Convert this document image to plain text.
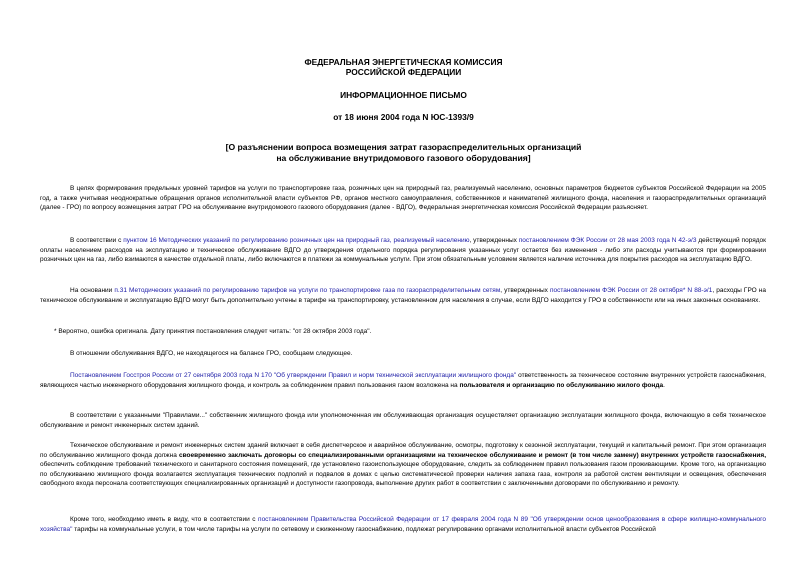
ФЕДЕРАЛЬНАЯ ЭНЕРГЕТИЧЕСКАЯ КОМИССИЯ
РОССИЙСКОЙ ФЕДЕРАЦИИ
ИНФОРМАЦИОННОЕ ПИСЬМО
от 18 июня 2004 года N ЮС-1393/9
[О разъяснении вопроса возмещения затрат газораспределительных организаций
на обслуживание внутридомового газового оборудования]
В целях формирования предельных уровней тарифов на услуги по транспортировке газа, розничных цен на природный газ, реализуемый населению, основных параметров бюджетов субъектов Российской Федерации на 2005 год, а также учитывая неоднократные обращения органов исполнительной власти субъектов РФ, органов местного самоуправления, собственников и нанимателей жилищного фонда, населения и газораспределительных организаций (далее - ГРО) по вопросу возмещения затрат ГРО на обслуживание внутридомового газового оборудования (далее - ВДГО), Федеральная энергетическая комиссия Российской Федерации разъясняет.
В соответствии с пунктом 16 Методических указаний по регулированию розничных цен на природный газ, реализуемый населению, утвержденных постановлением ФЭК России от 28 мая 2003 года N 42-э/3 действующий порядок оплаты населением расходов на эксплуатацию и техническое обслуживание ВДГО до утверждения отдельного порядка регулирования указанных услуг остается без изменения - либо эти расходы учитываются при формировании розничных цен на газ, либо взимаются в качестве отдельной платы, либо включаются в платежи за коммунальные услуги. При этом обязательным условием является наличие источника для покрытия расходов на эксплуатацию ВДГО.
На основании п.31 Методических указаний по регулированию тарифов на услуги по транспортировке газа по газораспределительным сетям, утвержденных постановлением ФЭК России от 28 октября* N 88-э/1, расходы ГРО на техническое обслуживание и эксплуатацию ВДГО могут быть дополнительно учтены в тарифе на транспортировку, установленном для населения в случае, если ВДГО находится у ГРО в собственности или на иных законных основаниях.
* Вероятно, ошибка оригинала. Дату принятия постановления следует читать: "от 28 октября 2003 года".
В отношении обслуживания ВДГО, не находящегося на балансе ГРО, сообщаем следующее.
Постановлением Госстроя России от 27 сентября 2003 года N 170 "Об утверждении Правил и норм технической эксплуатации жилищного фонда" ответственность за техническое состояние внутренних устройств газоснабжения, являющихся частью инженерного оборудования жилищного фонда, и контроль за соблюдением правил пользования газом возложена на пользователя и организацию по обслуживанию жилого фонда.
В соответствии с указанными "Правилами..." собственник жилищного фонда или уполномоченная им обслуживающая организация осуществляет организацию эксплуатации жилищного фонда, включающую в себя техническое обслуживание и ремонт инженерных систем зданий.
Техническое обслуживание и ремонт инженерных систем зданий включает в себя диспетчерское и аварийное обслуживание, осмотры, подготовку к сезонной эксплуатации, текущий и капитальный ремонт. При этом организация по обслуживанию жилищного фонда должна своевременно заключать договоры со специализированными организациями на техническое обслуживание и ремонт (в том числе замену) внутренних устройств газоснабжения, обеспечить соблюдение требований технического и санитарного состояния помещений, где установлено газоиспользующее оборудование, следить за соблюдением правил пользования газом проживающими. Кроме того, на организацию по обслуживанию жилищного фонда возлагается эксплуатация технических подполий и подвалов в домах с целью систематической проверки наличия запаха газа, контроля за работой систем вентиляции и освещения, обеспечения свободного входа персонала соответствующих специализированных организаций и доступности газопровода, выполнение других работ в соответствии с заключенными договорами по обслуживанию и ремонту.
Кроме того, необходимо иметь в виду, что в соответствии с постановлением Правительства Российской Федерации от 17 февраля 2004 года N 89 "Об утверждении основ ценообразования в сфере жилищно-коммунального хозяйства" тарифы на коммунальные услуги, в том числе тарифы на услуги по сетевому и сжиженному газоснабжению, подлежат регулированию органами исполнительной власти субъектов Российской
